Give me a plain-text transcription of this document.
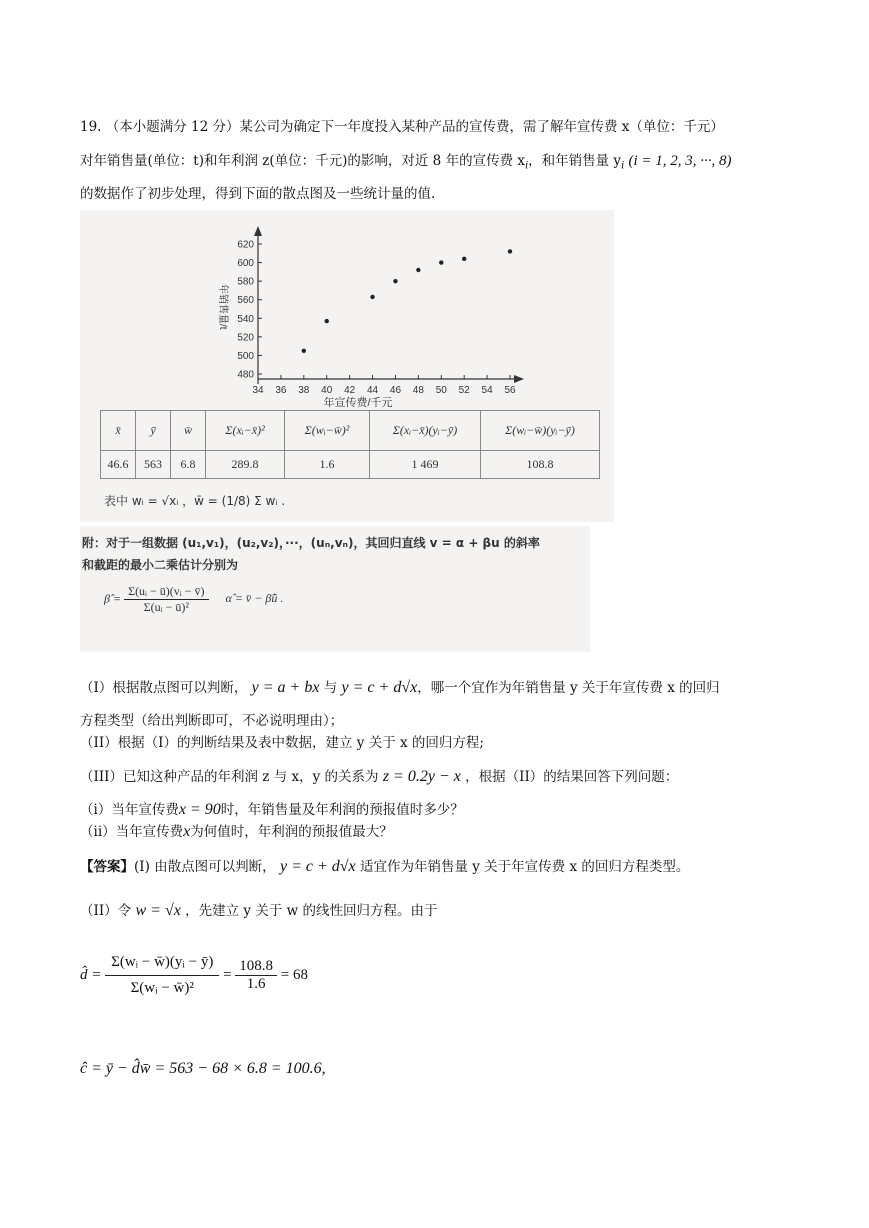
19. （本小题满分 12 分）某公司为确定下一年度投入某种产品的宣传费，需了解年宣传费 x（单位：千元）
对年销售量(单位：t)和年利润 z(单位：千元)的影响，对近 8 年的宣传费 $x_i$，和年销售量 $y_i$ (i = 1, 2, 3, ···, 8)
的数据作了初步处理，得到下面的散点图及一些统计量的值.
480
500
520
540
560
580
600
620
34 36 38 40 42 44 46 48 50 52 54 56
年销售量/t
年宣传费/千元
x̄	ȳ	w̄	Σ(xᵢ−x̄)²	Σ(wᵢ−w̄)²	Σ(xᵢ−x̄)(yᵢ−ȳ)	Σ(wᵢ−w̄)(yᵢ−ȳ)
46.6	563	6.8	289.8	1.6	1 469	108.8
表中 wᵢ = √xᵢ ，w̄ = (1/8) Σ wᵢ .
附：对于一组数据 (u₁,v₁)，(u₂,v₂)，···，(uₙ,vₙ)，其回归直线 v = α + βu 的斜率
和截距的最小二乘估计分别为
β̂ = $\frac{\text{Σ(uᵢ − ū)(vᵢ − v̄)}}{\text{Σ(uᵢ − ū)²}}$ α̂ = v̄ − β̂ū .
（I）根据散点图可以判断， y = a + bx 与 y = c + d√x，哪一个宜作为年销售量 y 关于年宣传费 x 的回归
方程类型（给出判断即可，不必说明理由）；
（II）根据（I）的判断结果及表中数据，建立 y 关于 x 的回归方程;
（III）已知这种产品的年利润 z 与 x，y 的关系为 z = 0.2y − x ，根据（II）的结果回答下列问题：
（i）当年宣传费x = 90时，年销售量及年利润的预报值时多少？
（ii）当年宣传费x为何值时，年利润的预报值最大？
【答案】(I) 由散点图可以判断， y = c + d√x 适宜作为年销售量 y 关于年宣传费 x 的回归方程类型。
（II）令 w = √x ，先建立 y 关于 w 的线性回归方程。由于
d̂ = $\frac{\text{Σ(wᵢ − w̄)(yᵢ − ȳ)}}{\text{Σ(wᵢ − w̄)²}} = \frac{108.8}{1.6} = 68$
ĉ = ȳ − d̂w̄ = 563 − 68 × 6.8 = 100.6,
